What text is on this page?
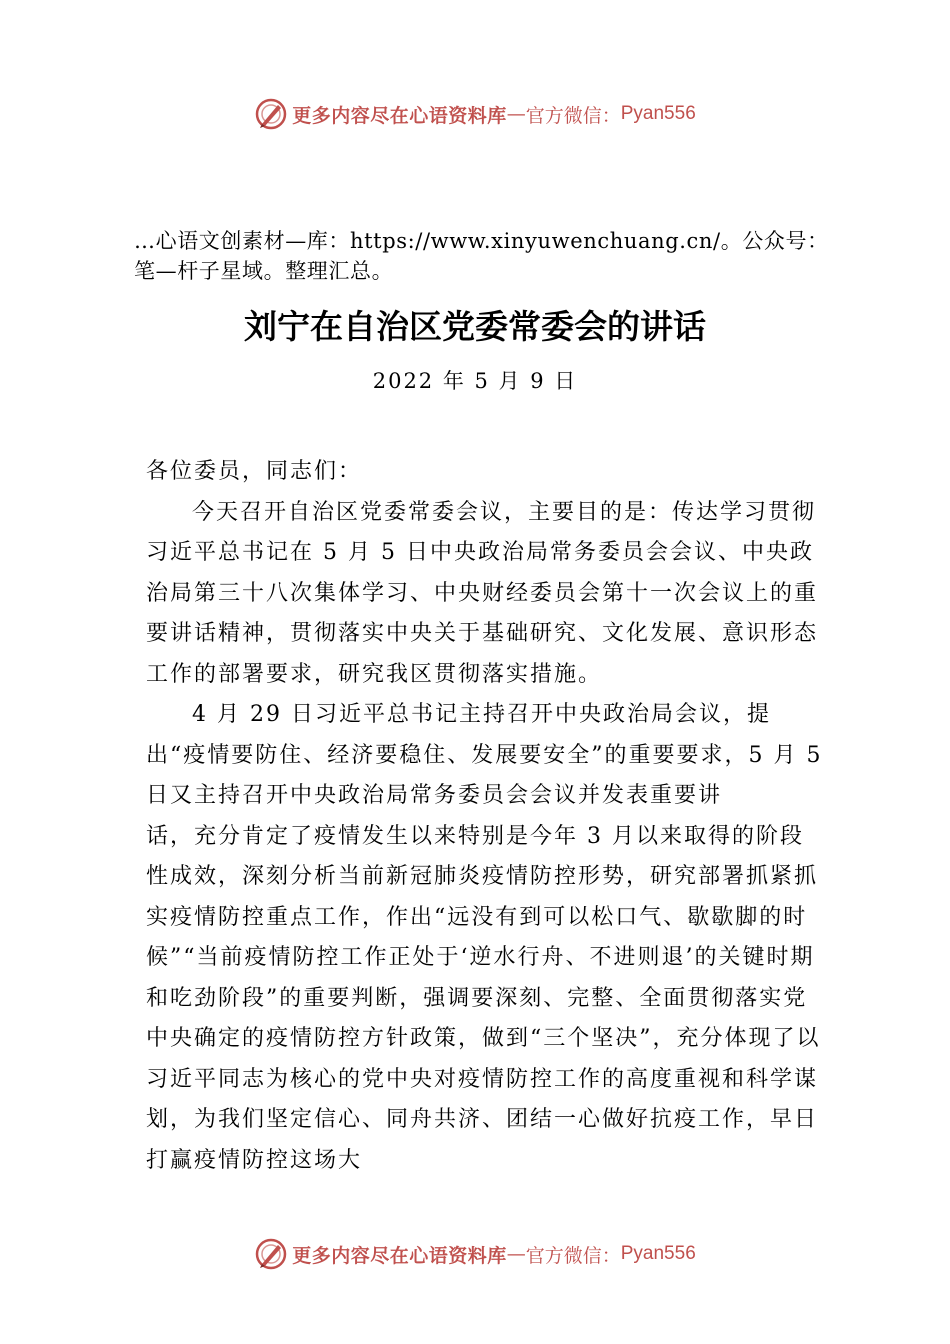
更多内容尽在心语资料库 — 官方微信： Pyan556
…心语文创素材—库：https://www.xinyuwenchuang.cn/。公众号：笔—杆子星域。整理汇总。
刘宁在自治区党委常委会的讲话
2022 年 5 月 9 日

各位委员，同志们：

今天召开自治区党委常委会议，主要目的是：传达学习贯彻习近平总书记在 5 月 5 日中央政治局常务委员会会议、中央政治局第三十八次集体学习、中央财经委员会第十一次会议上的重要讲话精神，贯彻落实中央关于基础研究、文化发展、意识形态工作的部署要求，研究我区贯彻落实措施。

4 月 29 日习近平总书记主持召开中央政治局会议，提出“疫情要防住、经济要稳住、发展要安全”的重要要求，5 月 5 日又主持召开中央政治局常务委员会会议并发表重要讲

话，充分肯定了疫情发生以来特别是今年 3 月以来取得的阶段性成效，深刻分析当前新冠肺炎疫情防控形势，研究部署抓紧抓实疫情防控重点工作，作出“远没有到可以松口气、歇歇脚的时候”“当前疫情防控工作正处于‘逆水行舟、不进则退’的关键时期和吃劲阶段”的重要判断，强调要深刻、完整、全面贯彻落实党中央确定的疫情防控方针政策，做到“三个坚决”，充分体现了以习近平同志为核心的党中央对疫情防控工作的高度重视和科学谋划，为我们坚定信心、同舟共济、团结一心做好抗疫工作，早日打赢疫情防控这场大

更多内容尽在心语资料库 — 官方微信： Pyan556
